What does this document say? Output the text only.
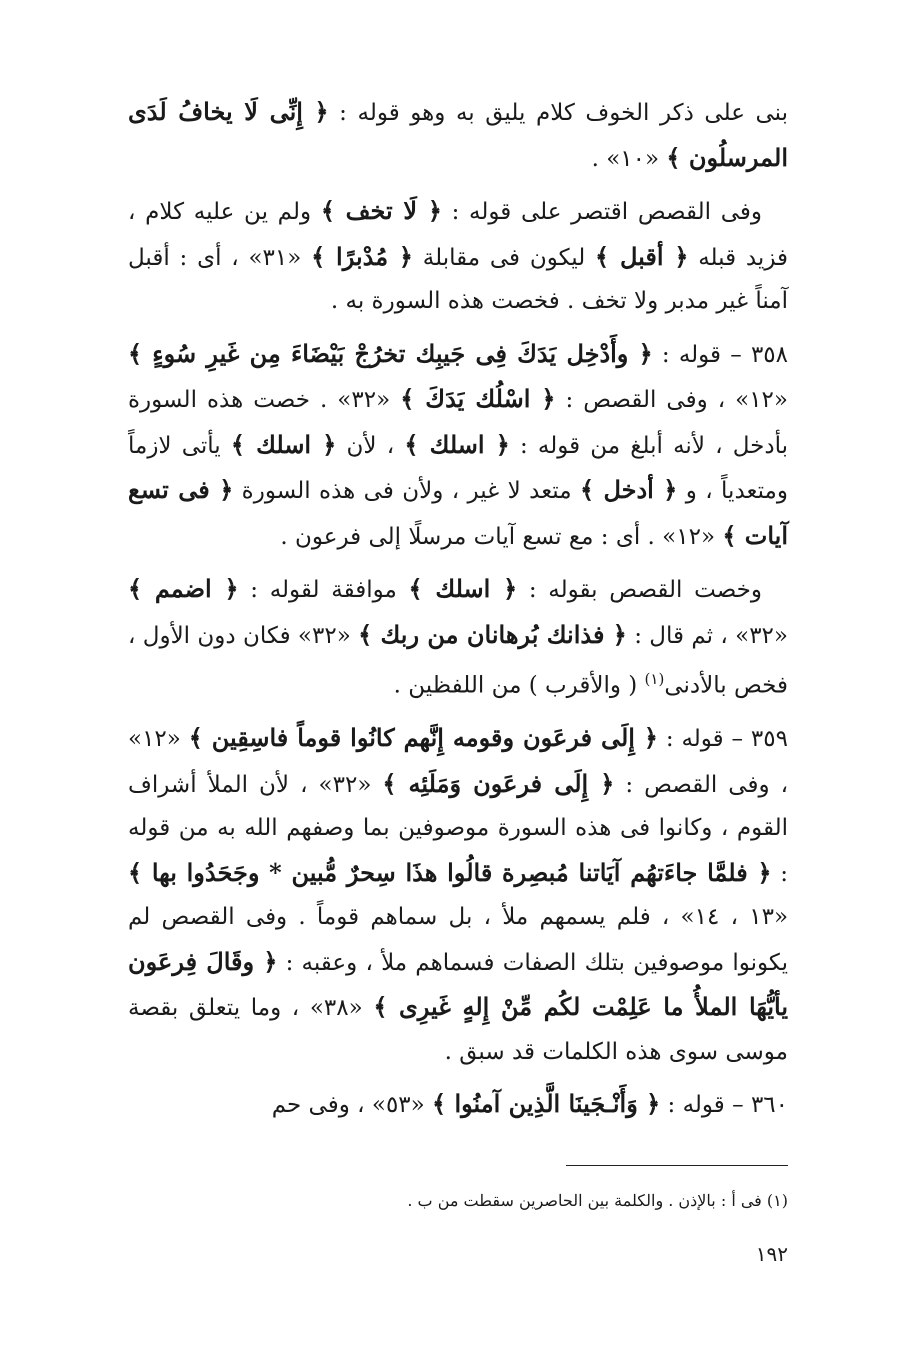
بنى على ذكر الخوف كلام يليق به وهو قوله : ﴿ إِنِّى لَا يخافُ لَدَى المرسلُون ﴾ «١٠» .

وفى القصص اقتصر على قوله : ﴿ لَا تخف ﴾ ولم ين عليه كلام ، فزيد قبله ﴿ أقبل ﴾ ليكون فى مقابلة ﴿ مُدْبرًا ﴾ «٣١» ، أى : أقبل آمناً غير مدبر ولا تخف . فخصت هذه السورة به .

٣٥٨ – قوله : ﴿ وأَدْخِل يَدَكَ فِى جَيبِك تخرُجْ بَيْضَاءَ مِن غَيرِ سُوءٍ ﴾ «١٢» ، وفى القصص : ﴿ اسْلُك يَدَكَ ﴾ «٣٢» . خصت هذه السورة بأدخل ، لأنه أبلغ من قوله : ﴿ اسلك ﴾ ، لأن ﴿ اسلك ﴾ يأتى لازماً ومتعدياً ، و ﴿ أدخل ﴾ متعد لا غير ، ولأن فى هذه السورة ﴿ فى تسع آيات ﴾ «١٢» . أى : مع تسع آيات مرسلًا إلى فرعون .

وخصت القصص بقوله : ﴿ اسلك ﴾ موافقة لقوله : ﴿ اضمم ﴾ «٣٢» ، ثم قال : ﴿ فذانك بُرهانان من ربك ﴾ «٣٢» فكان دون الأول ، فخص بالأدنى$^{(١)}$ ( والأقرب ) من اللفظين .

٣٥٩ – قوله : ﴿ إِلَى فرعَون وقومه إِنَّهم كانُوا قوماً فاسِقِين ﴾ «١٢» ، وفى القصص : ﴿ إِلَى فرعَون وَمَلَئِه ﴾ «٣٢» ، لأن الملأ أشراف القوم ، وكانوا فى هذه السورة موصوفين بما وصفهم الله به من قوله : ﴿ فلمَّا جاءَتهُم آيَاتنا مُبصِرة قالُوا هذَا سِحرٌ مُّبين * وجَحَدُوا بها ﴾ «١٣ ، ١٤» ، فلم يسمهم ملأ ، بل سماهم قوماً . وفى القصص لم يكونوا موصوفين بتلك الصفات فسماهم ملأ ، وعقبه : ﴿ وقَالَ فِرعَون يأيُّهَا الملأُ ما عَلِمْت لكُم مِّنْ إِلهٍ غَيرِى ﴾ «٣٨» ، وما يتعلق بقصة موسى سوى هذه الكلمات قد سبق .

٣٦٠ – قوله : ﴿ وَأَنْـجَينَا الَّذِين آمنُوا ﴾ «٥٣» ، وفى حم

(١) فى أ : بالإذن . والكلمة بين الحاصرين سقطت من ب .
١٩٢
